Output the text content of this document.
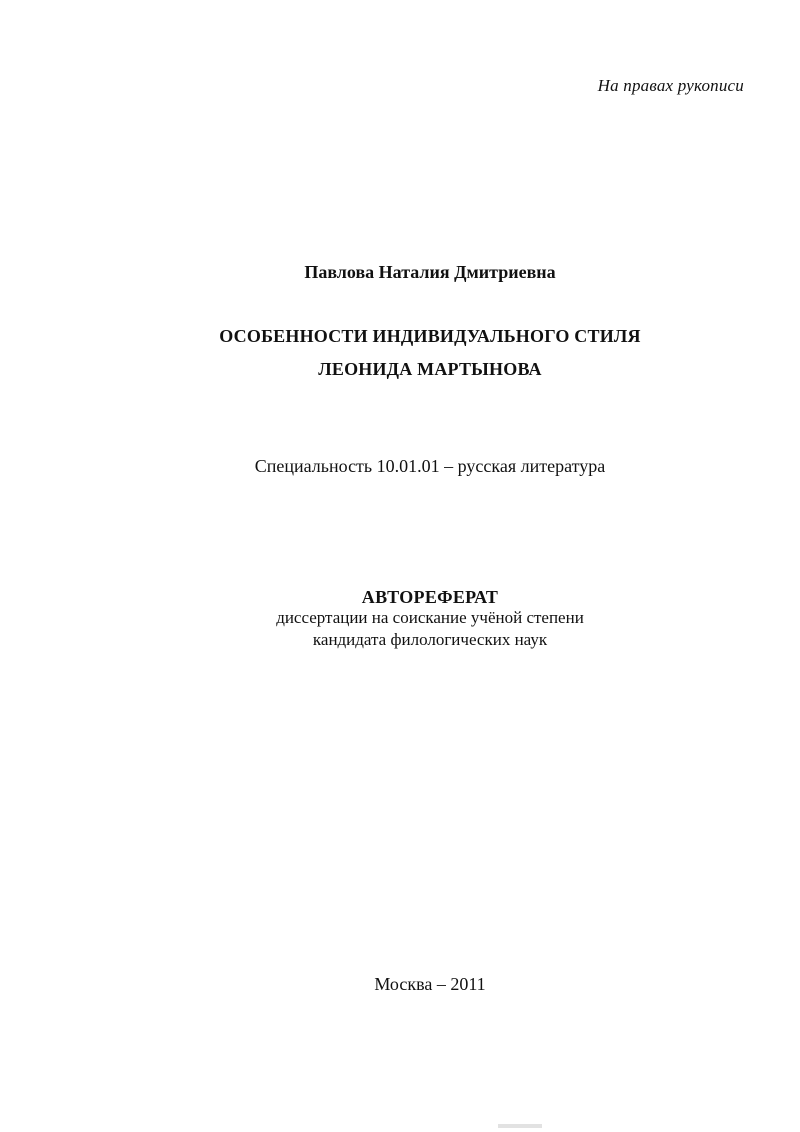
На правах рукописи
Павлова Наталия Дмитриевна
ОСОБЕННОСТИ ИНДИВИДУАЛЬНОГО СТИЛЯ
ЛЕОНИДА МАРТЫНОВА
Специальность 10.01.01 – русская литература
АВТОРЕФЕРАТ
диссертации на соискание учёной степени
кандидата филологических наук
Москва – 2011
